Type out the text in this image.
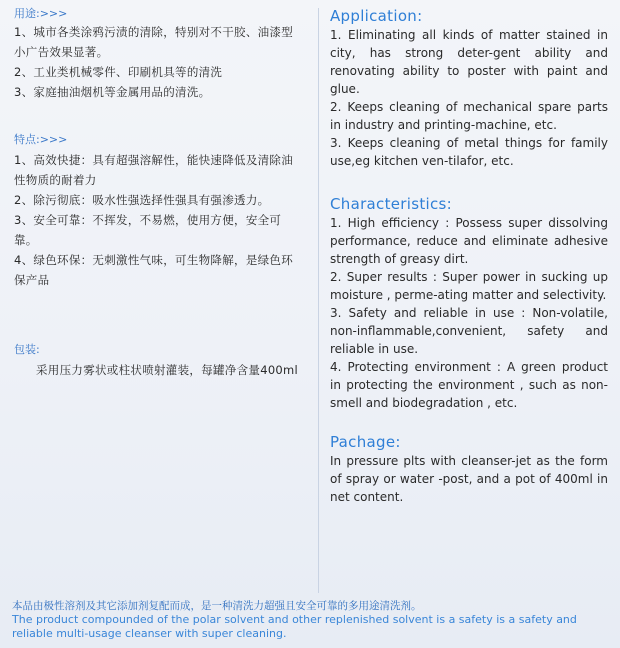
用途:>>>

1、城市各类涂鸦污渍的清除，特别对不干胶、油漆型小广告效果显著。

2、工业类机械零件、印刷机具等的清洗

3、家庭抽油烟机等金属用品的清洗。

特点:>>>

1、高效快捷：具有超强溶解性，能快速降低及清除油性物质的耐着力

2、除污彻底：吸水性强选择性强具有强渗透力。

3、安全可靠：不挥发，不易燃，使用方便，安全可靠。

4、绿色环保：无刺激性气味，可生物降解，是绿色环保产品

包装:

采用压力雾状或柱状喷射灌装，每罐净含量400ml

Application:

1. Eliminating all kinds of matter stained in city, has strong deter-gent ability and renovating ability to poster with paint and glue.

2. Keeps cleaning of mechanical spare parts in industry and printing-machine, etc.

3. Keeps cleaning of metal things for family use,eg kitchen ven-tilafor, etc.

Characteristics:

1. High efficiency : Possess super dissolving performance, reduce and eliminate adhesive strength of greasy dirt.

2. Super results : Super power in sucking up moisture , perme-ating matter and selectivity.

3. Safety and reliable in use : Non-volatile, non-inflammable,convenient, safety and reliable in use.

4. Protecting environment : A green product in protecting the environment , such as non-smell and biodegradation , etc.

Pachage:

In pressure plts with cleanser-jet as the form of spray or water -post, and a pot of 400ml in net content.

本品由极性溶剂及其它添加剂复配而成，是一种清洗力超强且安全可靠的多用途清洗剂。

The product compounded of the polar solvent and other replenished solvent is a safety is a safety and reliable multi-usage cleanser with super cleaning.
